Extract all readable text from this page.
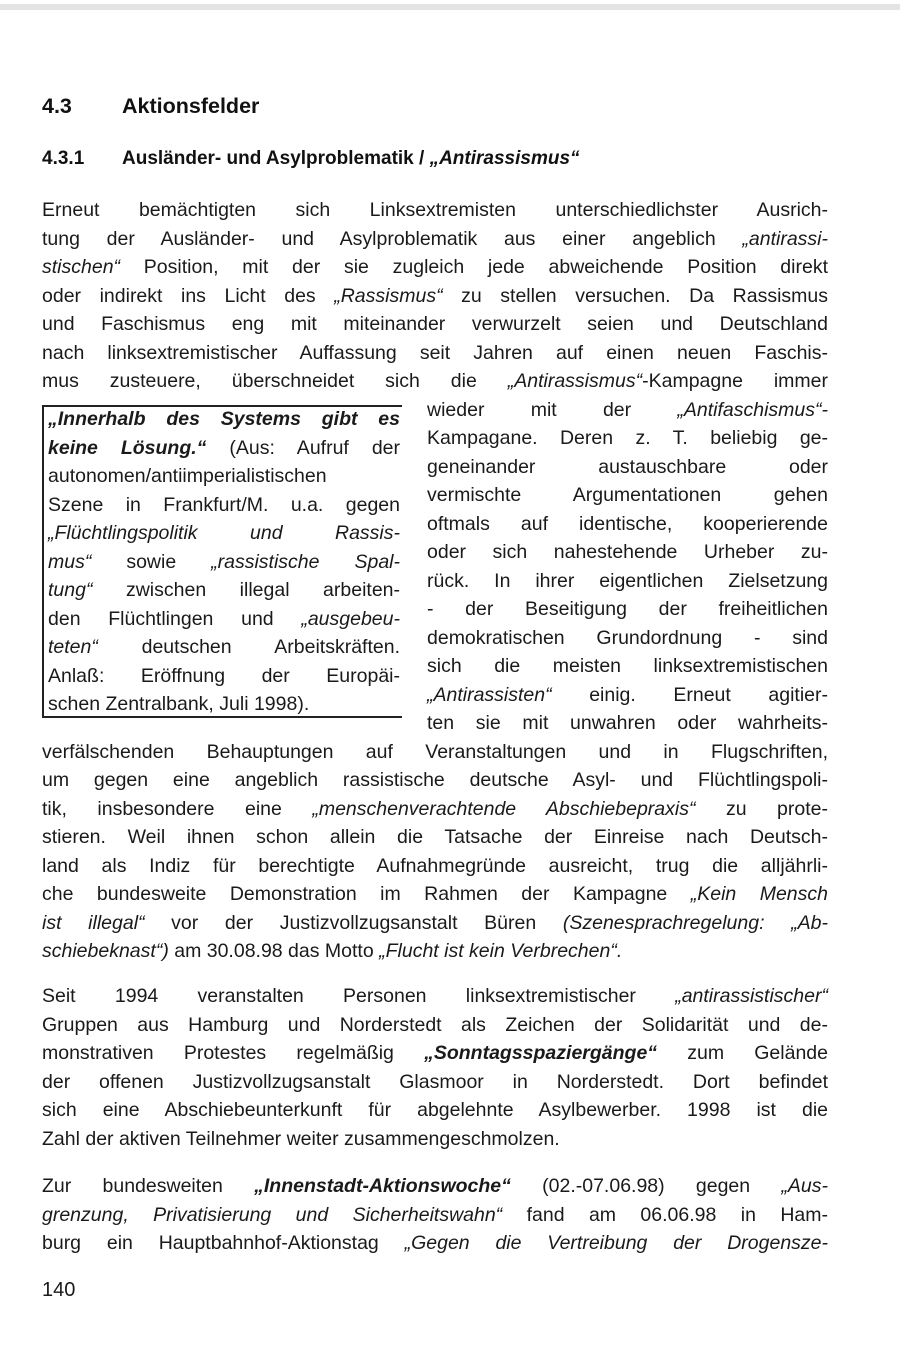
4.3 Aktionsfelder
4.3.1 Ausländer- und Asylproblematik / „Antirassismus“
Erneut bemächtigten sich Linksextremisten unterschiedlichster Ausrich-
tung der Ausländer- und Asylproblematik aus einer angeblich „antirassi-
stischen“ Position, mit der sie zugleich jede abweichende Position direkt
oder indirekt ins Licht des „Rassismus“ zu stellen versuchen. Da Rassismus
und Faschismus eng mit miteinander verwurzelt seien und Deutschland
nach linksextremistischer Auffassung seit Jahren auf einen neuen Faschis-
mus zusteuere, überschneidet sich die „Antirassismus“-Kampagne immer
wieder mit der „Antifaschismus“-
Kampagane. Deren z. T. beliebig ge-
geneinander austauschbare oder
vermischte Argumentationen gehen
oftmals auf identische, kooperierende
oder sich nahestehende Urheber zu-
rück. In ihrer eigentlichen Zielsetzung
- der Beseitigung der freiheitlichen
demokratischen Grundordnung - sind
sich die meisten linksextremistischen
„Antirassisten“ einig. Erneut agitier-
ten sie mit unwahren oder wahrheits-
verfälschenden Behauptungen auf Veranstaltungen und in Flugschriften,
um gegen eine angeblich rassistische deutsche Asyl- und Flüchtlingspoli-
tik, insbesondere eine „menschenverachtende Abschiebepraxis“ zu prote-
stieren. Weil ihnen schon allein die Tatsache der Einreise nach Deutsch-
land als Indiz für berechtigte Aufnahmegründe ausreicht, trug die alljährli-
che bundesweite Demonstration im Rahmen der Kampagne „Kein Mensch
ist illegal“ vor der Justizvollzugsanstalt Büren (Szenesprachregelung: „Ab-
schiebeknast“) am 30.08.98 das Motto „Flucht ist kein Verbrechen“.
„Innerhalb des Systems gibt es
keine Lösung.“ (Aus: Aufruf der
autonomen/antiimperialistischen
Szene in Frankfurt/M. u.a. gegen
„Flüchtlingspolitik und Rassis-
mus“ sowie „rassistische Spal-
tung“ zwischen illegal arbeiten-
den Flüchtlingen und „ausgebeu-
teten“ deutschen Arbeitskräften.
Anlaß: Eröffnung der Europäi-
schen Zentralbank, Juli 1998).
Seit 1994 veranstalten Personen linksextremistischer „antirassistischer“
Gruppen aus Hamburg und Norderstedt als Zeichen der Solidarität und de-
monstrativen Protestes regelmäßig „Sonntagsspaziergänge“ zum Gelände
der offenen Justizvollzugsanstalt Glasmoor in Norderstedt. Dort befindet
sich eine Abschiebeunterkunft für abgelehnte Asylbewerber. 1998 ist die
Zahl der aktiven Teilnehmer weiter zusammengeschmolzen.
Zur bundesweiten „Innenstadt-Aktionswoche“ (02.-07.06.98) gegen „Aus-
grenzung, Privatisierung und Sicherheitswahn“ fand am 06.06.98 in Ham-
burg ein Hauptbahnhof-Aktionstag „Gegen die Vertreibung der Drogensze-
140
